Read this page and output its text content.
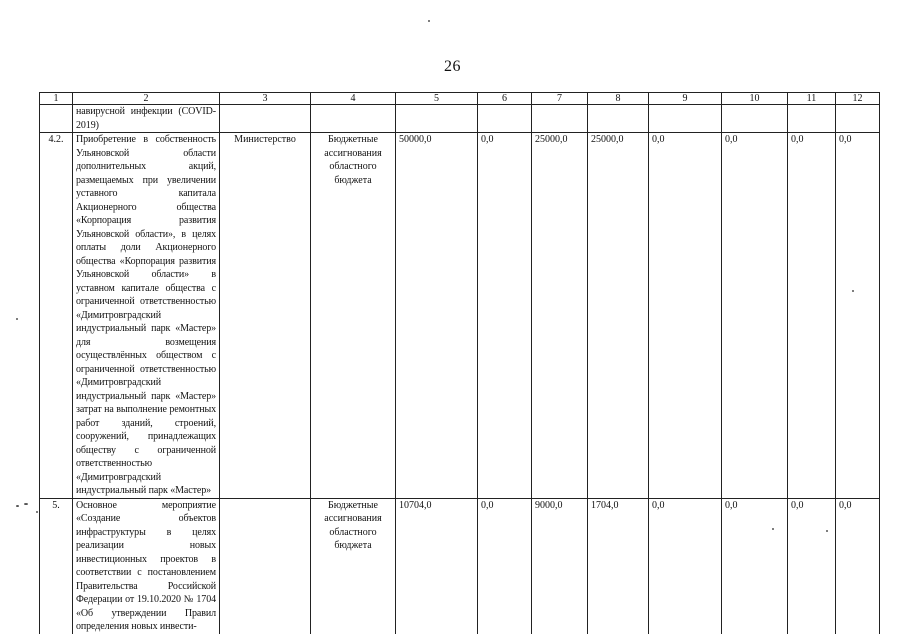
26
1	2	3	4	5	6	7	8	9	10	11	12
	навирусной инфекции (COVID-2019)										
4.2.	Приобретение в собственность Ульяновской области дополнительных акций, размещаемых при увеличении уставного капитала Акционерного общества «Корпорация развития Ульяновской области», в целях оплаты доли Акционерного общества «Корпорация развития Ульяновской области» в уставном капитале общества с ограниченной ответственностью «Димитровградский индустриальный парк «Мастер» для возмещения осуществлённых обществом с ограниченной ответственностью «Димитровградский индустриальный парк «Мастер» затрат на выполнение ремонтных работ зданий, строений, сооружений, принадлежащих обществу с ограниченной ответственностью «Димитровградский индустриальный парк «Мастер»	Министерство	Бюджетные ассигнования областного бюджета	50000,0	0,0	25000,0	25000,0	0,0	0,0	0,0	0,0
5.	Основное мероприятие «Создание объектов инфраструктуры в целях реализации новых инвестиционных проектов в соответствии с постановлением Правительства Российской Федерации от 19.10.2020 № 1704 «Об утверждении Правил определения новых инвести-		Бюджетные ассигнования областного бюджета	10704,0	0,0	9000,0	1704,0	0,0	0,0	0,0	0,0
